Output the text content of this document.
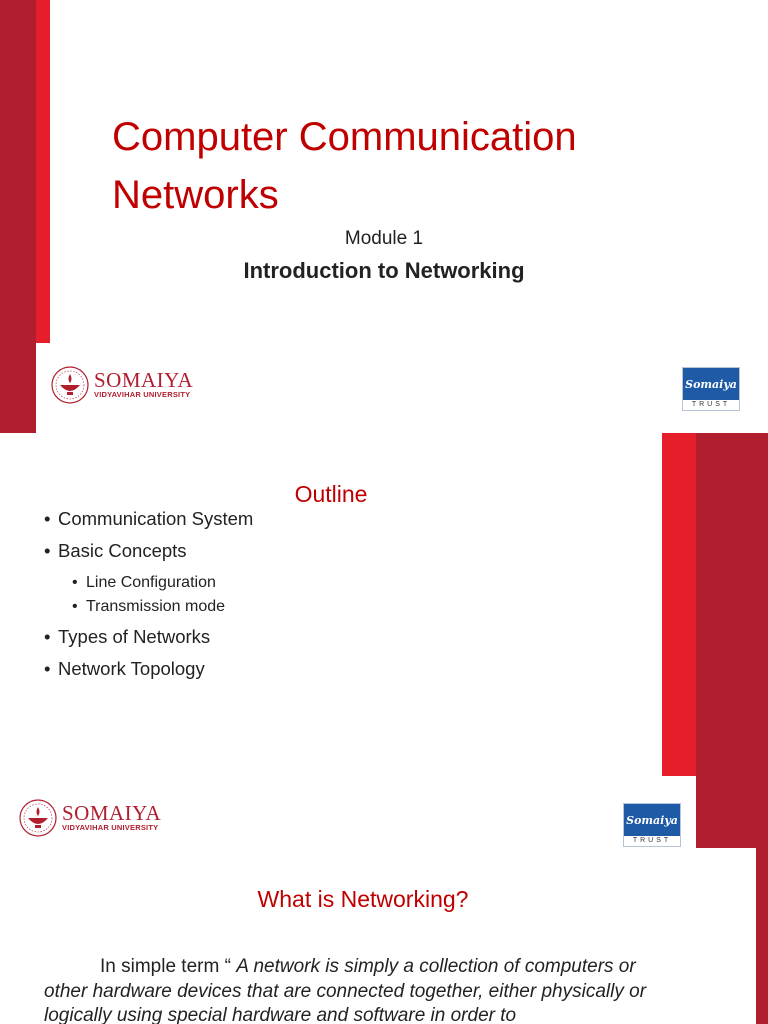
Computer Communication
Networks
Module 1
Introduction to Networking
SOMAIYA
VIDYAVIHAR UNIVERSITY
Somaiya
TRUST
Outline
• Communication System
• Basic Concepts
• Line Configuration
• Transmission mode
• Types of Networks
• Network Topology
SOMAIYA
VIDYAVIHAR UNIVERSITY
Somaiya
TRUST
What is Networking?
In simple term “ A network is simply a collection of computers or other hardware devices that are connected together, either physically or logically using special hardware and software in order to
